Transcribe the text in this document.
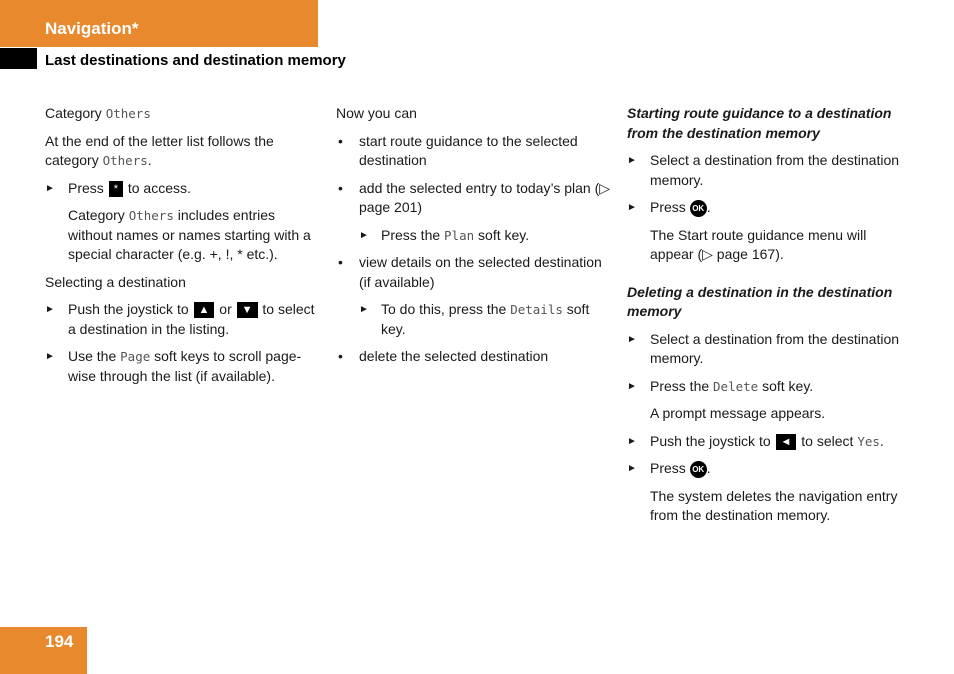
Navigation*
Last destinations and destination memory

Category Others

At the end of the letter list follows the category Others.

► Press * to access.
Category Others includes entries without names or names starting with a special character (e.g. +, !, * etc.).

Selecting a destination

► Push the joystick to ▲ or ▼ to select a destination in the listing.
► Use the Page soft keys to scroll page-wise through the list (if available).

Now you can

• start route guidance to the selected destination
• add the selected entry to today’s plan (▷ page 201)
► Press the Plan soft key.
• view details on the selected destination (if available)
► To do this, press the Details soft key.
• delete the selected destination
Starting route guidance to a destination from the destination memory
► Select a destination from the destination memory.
► Press OK .
The Start route guidance menu will appear (▷ page 167).
Deleting a destination in the destination memory
► Select a destination from the destination memory.
► Press the Delete soft key.
A prompt message appears.
► Push the joystick to ◄ to select Yes.
► Press OK .
The system deletes the navigation entry from the destination memory.
194
